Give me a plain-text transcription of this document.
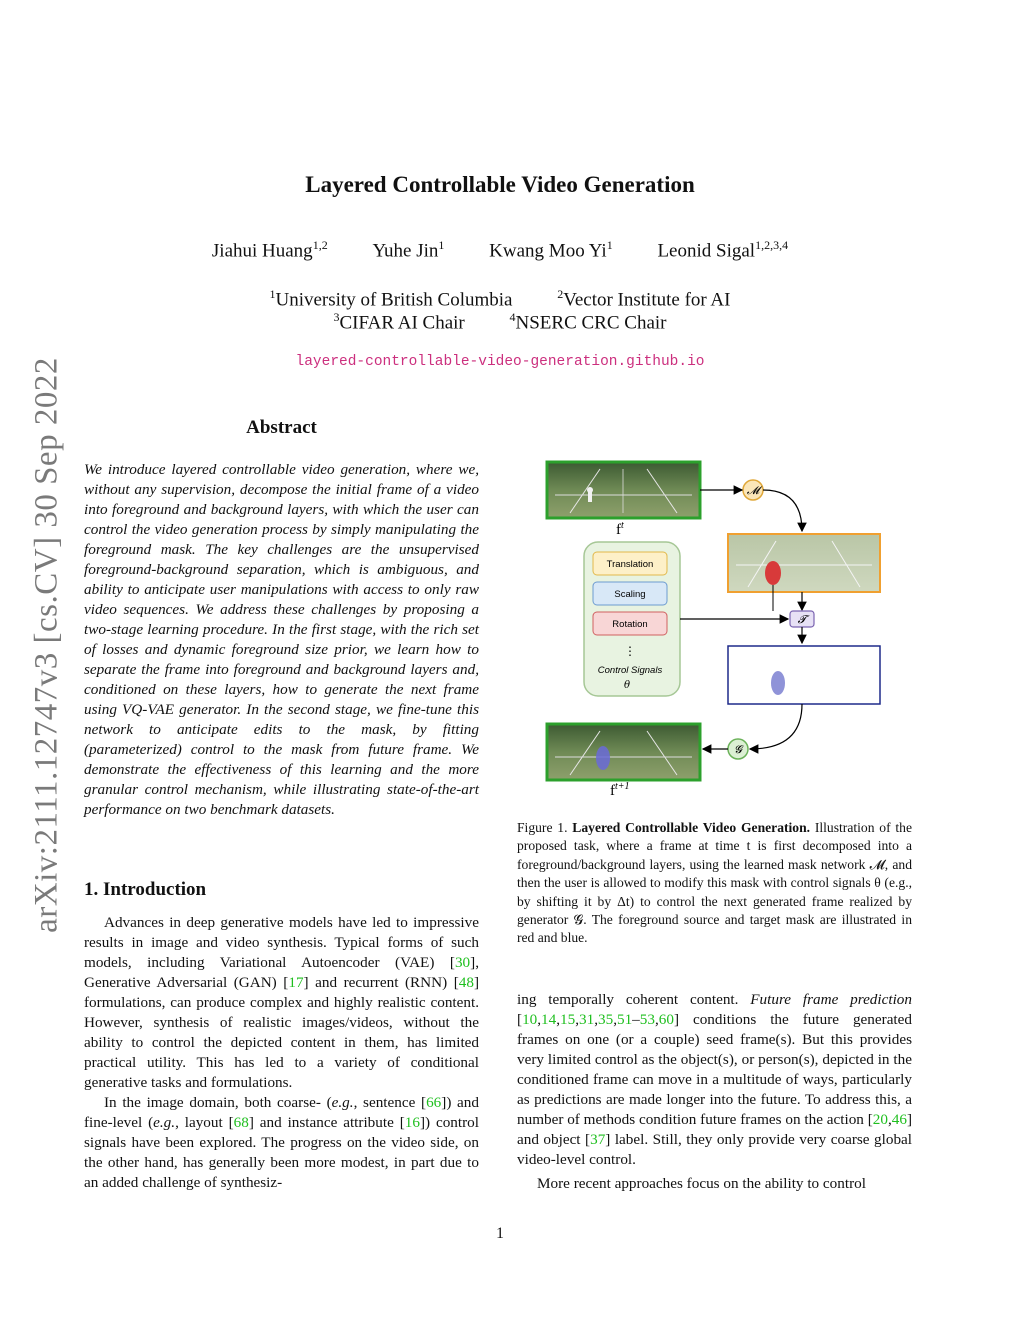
arXiv:2111.12747v3 [cs.CV] 30 Sep 2022
Layered Controllable Video Generation
Jiahui Huang$^{1,2}$ Yuhe Jin$^1$ Kwang Moo Yi$^1$ Leonid Sigal$^{1,2,3,4}$
$^1$University of British Columbia	$^2$Vector Institute for AI
$^3$CIFAR AI Chair	$^4$NSERC CRC Chair
layered-controllable-video-generation.github.io
Abstract
We introduce layered controllable video generation, where we, without any supervision, decompose the initial frame of a video into foreground and background layers, with which the user can control the video generation process by simply manipulating the foreground mask. The key challenges are the unsupervised foreground-background separation, which is ambiguous, and ability to anticipate user manipulations with access to only raw video sequences. We address these challenges by proposing a two-stage learning procedure. In the first stage, with the rich set of losses and dynamic foreground size prior, we learn how to separate the frame into foreground and background layers and, conditioned on these layers, how to generate the next frame using VQ-VAE generator. In the second stage, we fine-tune this network to anticipate edits to the mask, by fitting (parameterized) control to the mask from future frame. We demonstrate the effectiveness of this learning and the more granular control mechanism, while illustrating state-of-the-art performance on two benchmark datasets.
1. Introduction

Advances in deep generative models have led to impressive results in image and video synthesis. Typical forms of such models, including Variational Autoencoder (VAE) [30], Generative Adversarial (GAN) [17] and recurrent (RNN) [48] formulations, can produce complex and highly realistic content. However, synthesis of realistic images/videos, without the ability to control the depicted content in them, has limited practical utility. This has led to a variety of conditional generative tasks and formulations.

In the image domain, both coarse- (e.g., sentence [66]) and fine-level (e.g., layout [68] and instance attribute [16]) control signals have been explored. The progress on the video side, on the other hand, has generally been more modest, in part due to an added challenge of synthesiz-

$f^t$
𝓜
𝓣
Translation
Scaling
Rotation
⋮
Control Signals
θ
𝓖
$f^{t+1}$
Figure 1. Layered Controllable Video Generation. Illustration of the proposed task, where a frame at time t is first decomposed into a foreground/background layers, using the learned mask network 𝓜, and then the user is allowed to modify this mask with control signals θ (e.g., by shifting it by Δt) to control the next generated frame realized by generator 𝓖. The foreground source and target mask are illustrated in red and blue.

ing temporally coherent content. Future frame prediction [10,14,15,31,35,51–53,60] conditions the future generated frames on one (or a couple) seed frame(s). But this provides very limited control as the object(s), or person(s), depicted in the conditioned frame can move in a multitude of ways, particularly as predictions are made longer into the future. To address this, a number of methods condition future frames on the action [20,46] and object [37] label. Still, they only provide very coarse global video-level control.

More recent approaches focus on the ability to control

1
